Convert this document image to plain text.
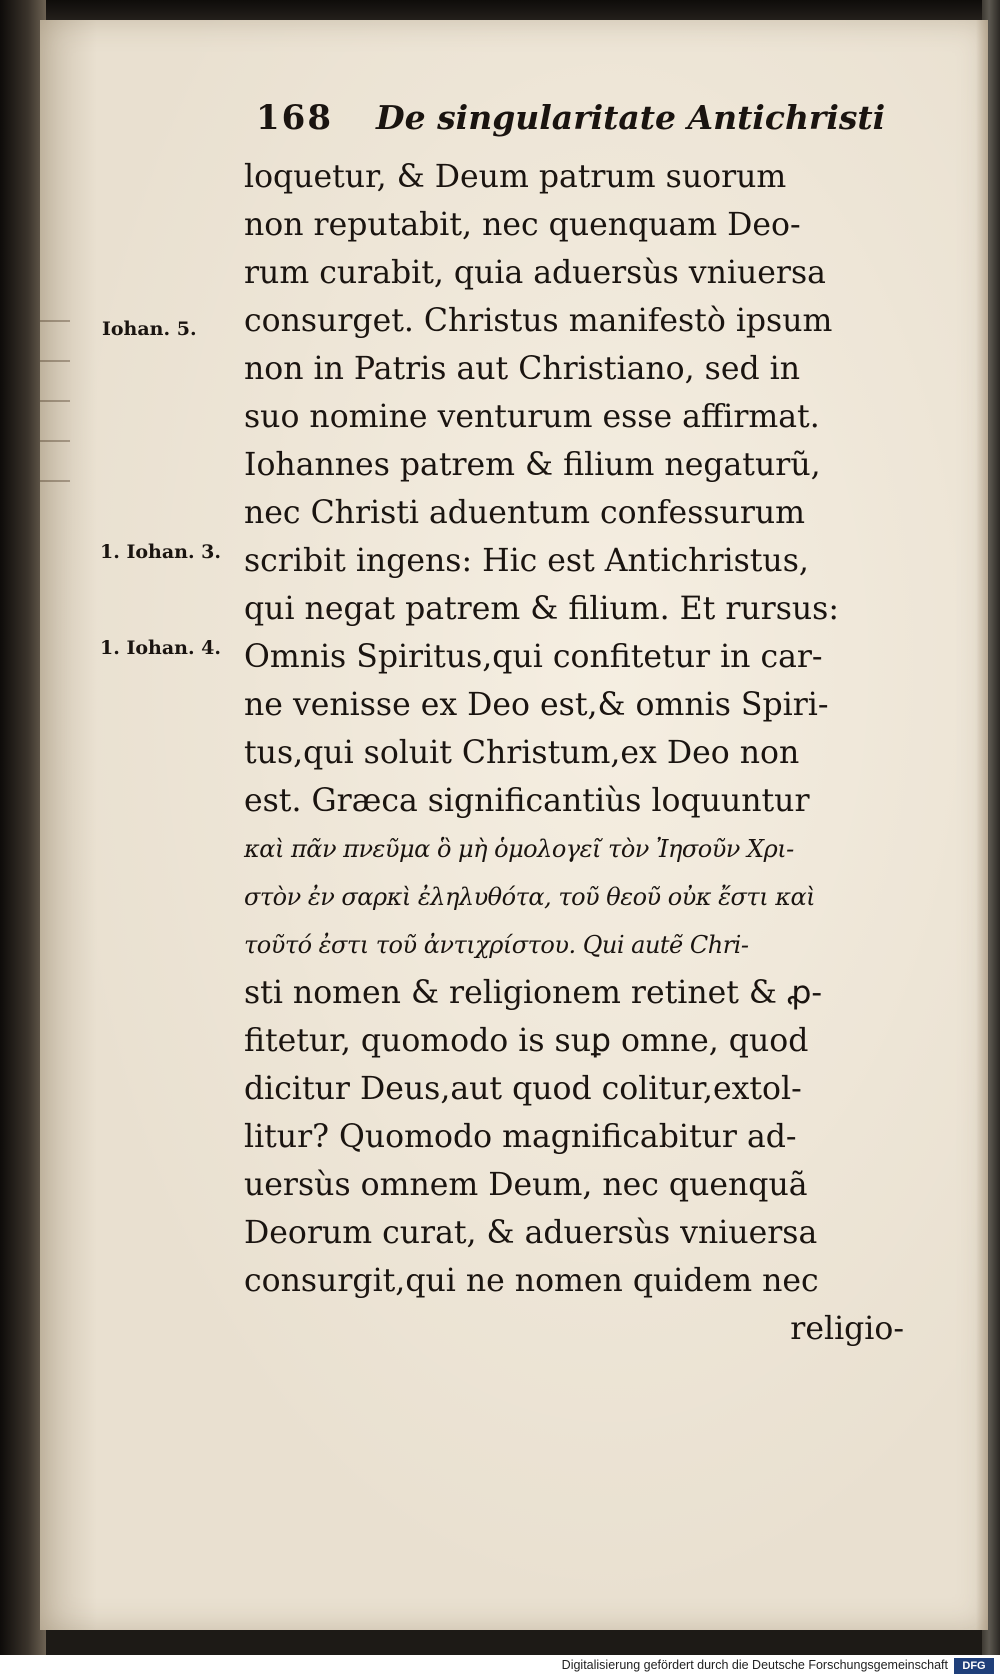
168 De singularitate Antichristi

loquetur, & Deum patrum suorum

non reputabit, nec quenquam Deo-

rum curabit, quia aduersùs vniuersa

consurget. Christus manifestò ipsum

non in Patris aut Christiano, sed in

suo nomine venturum esse affirmat.

Iohannes patrem & filium negaturũ,

nec Christi aduentum confessurum

scribit ingens: Hic est Antichristus,

qui negat patrem & filium. Et rursus:

Omnis Spiritus,qui confitetur in car-

ne venisse ex Deo est,& omnis Spiri-

tus,qui soluit Christum,ex Deo non

est. Græca significantiùs loquuntur

καὶ πᾶν πνεῦμα ὃ μὴ ὁμολογεῖ τὸν Ἰησοῦν Χρι-

στὸν ἐν σαρκὶ ἐληλυθότα, τοῦ θεοῦ οὐκ ἔστι καὶ

τοῦτό ἐστι τοῦ ἀντιχρίστου. Qui autẽ Chri-

sti nomen & religionem retinet & ꝓ-

fitetur, quomodo is suꝑ omne, quod

dicitur Deus,aut quod colitur,extol-

litur? Quomodo magnificabitur ad-

uersùs omnem Deum, nec quenquã

Deorum curat, & aduersùs vniuersa

consurgit,qui ne nomen quidem nec

religio-

Iohan. 5.
1. Iohan. 3.
1. Iohan. 4.
Digitalisierung gefördert durch die Deutsche Forschungsgemeinschaft	DFG
